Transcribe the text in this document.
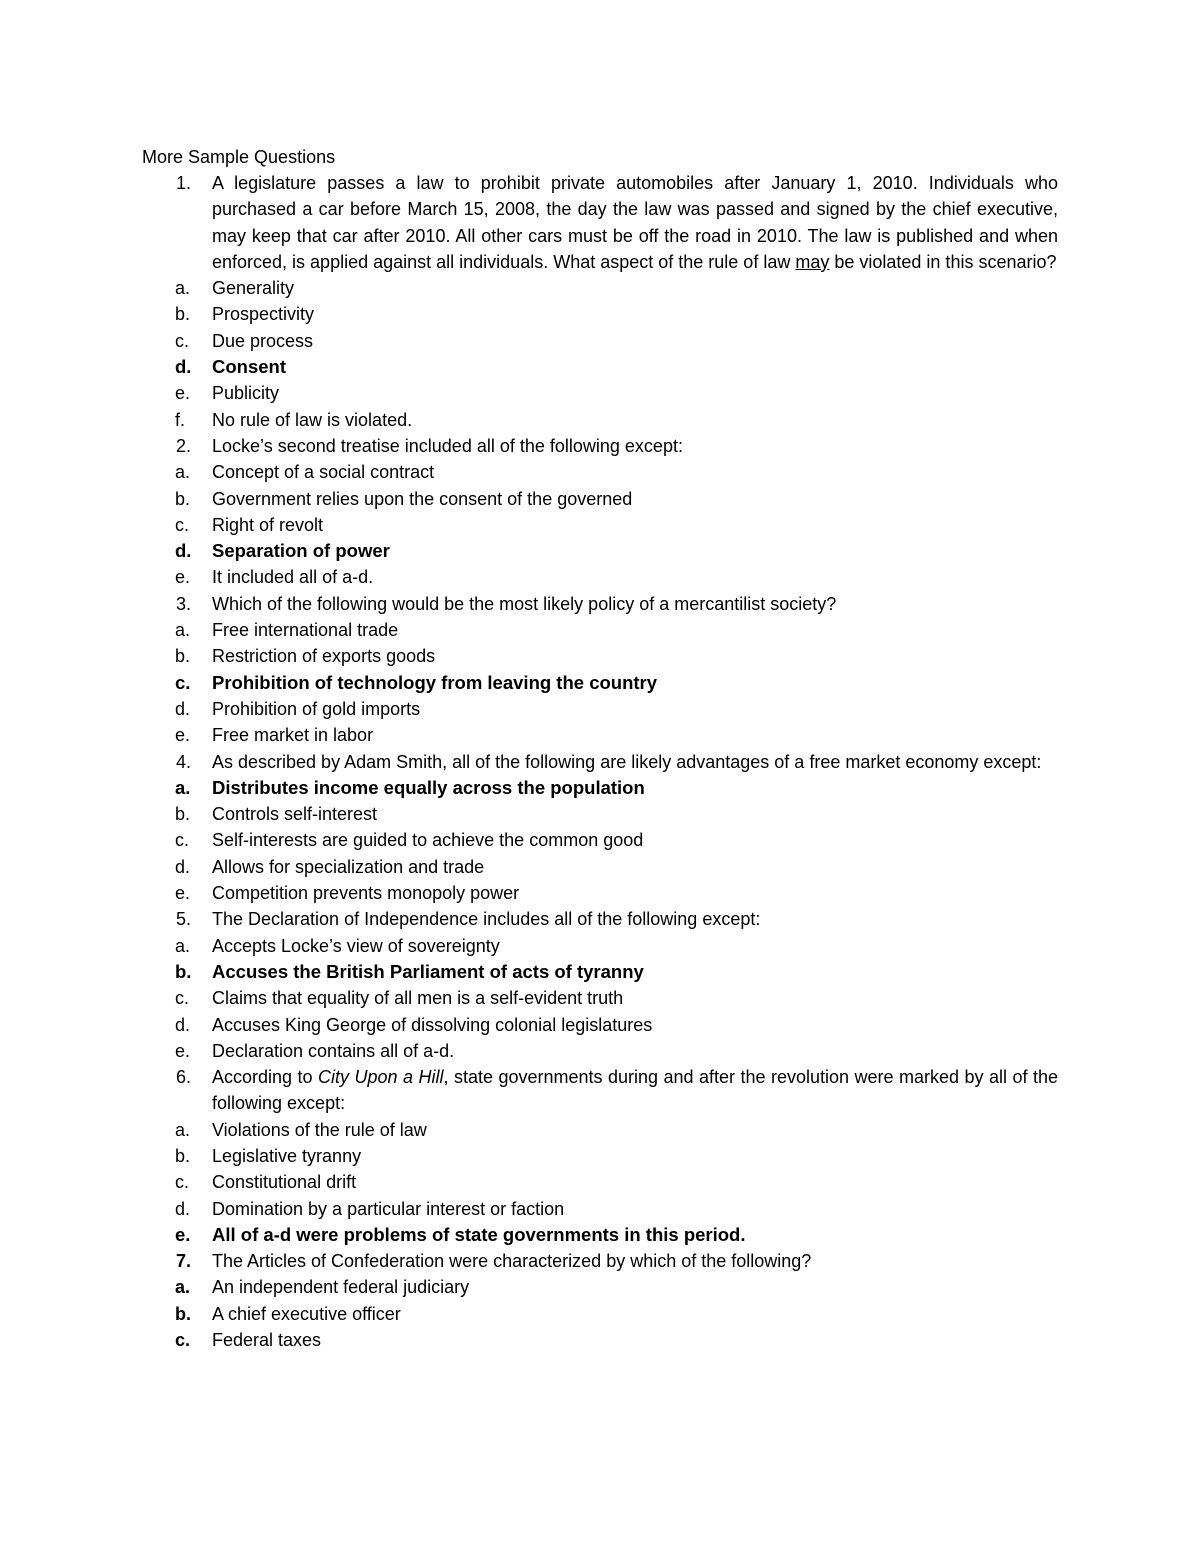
More Sample Questions
1.	A legislature passes a law to prohibit private automobiles after January 1, 2010. Individuals who purchased a car before March 15, 2008, the day the law was passed and signed by the chief executive, may keep that car after 2010. All other cars must be off the road in 2010. The law is published and when enforced, is applied against all individuals. What aspect of the rule of law may be violated in this scenario?
a. Generality
b. Prospectivity
c. Due process
d. Consent
e. Publicity
f. No rule of law is violated.
2.	Locke’s second treatise included all of the following except:
a. Concept of a social contract
b. Government relies upon the consent of the governed
c. Right of revolt
d. Separation of power
e. It included all of a-d.
3.	Which of the following would be the most likely policy of a mercantilist society?
a. Free international trade
b. Restriction of exports goods
c. Prohibition of technology from leaving the country
d. Prohibition of gold imports
e. Free market in labor
4.	As described by Adam Smith, all of the following are likely advantages of a free market economy except:
a. Distributes income equally across the population
b. Controls self-interest
c. Self-interests are guided to achieve the common good
d. Allows for specialization and trade
e. Competition prevents monopoly power
5.	The Declaration of Independence includes all of the following except:
a. Accepts Locke’s view of sovereignty
b. Accuses the British Parliament of acts of tyranny
c. Claims that equality of all men is a self-evident truth
d. Accuses King George of dissolving colonial legislatures
e. Declaration contains all of a-d.
6.	According to City Upon a Hill, state governments during and after the revolution were marked by all of the following except:
a. Violations of the rule of law
b. Legislative tyranny
c. Constitutional drift
d. Domination by a particular interest or faction
e. All of a-d were problems of state governments in this period.
7.	The Articles of Confederation were characterized by which of the following?
a. An independent federal judiciary
b. A chief executive officer
c. Federal taxes
